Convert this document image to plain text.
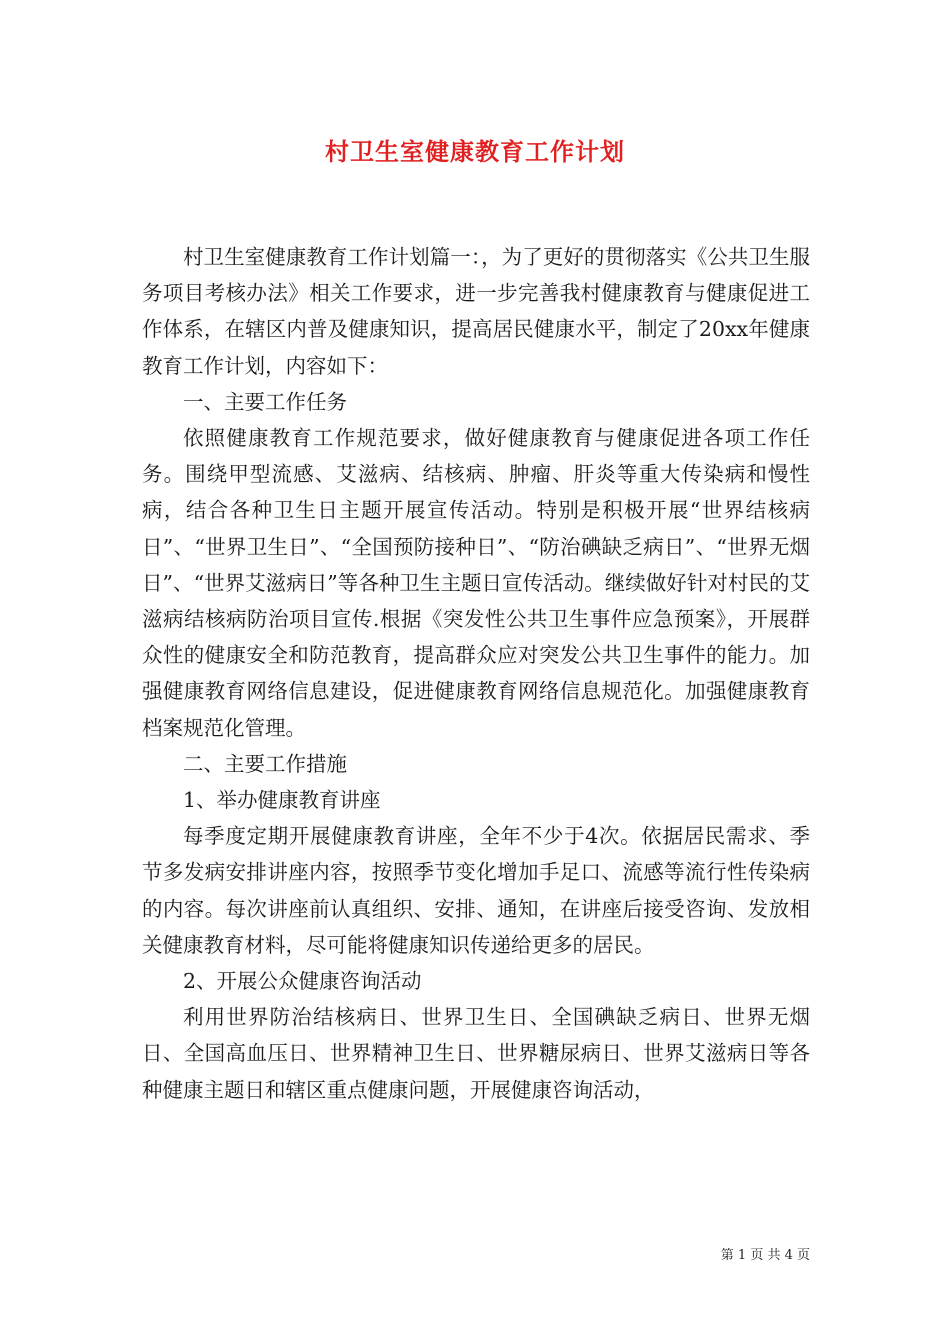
村卫生室健康教育工作计划

村卫生室健康教育工作计划篇一：，为了更好的贯彻落实《公共卫生服务项目考核办法》相关工作要求，进一步完善我村健康教育与健康促进工作体系，在辖区内普及健康知识，提高居民健康水平，制定了20xx年健康教育工作计划，内容如下：

一、主要工作任务

依照健康教育工作规范要求，做好健康教育与健康促进各项工作任务。围绕甲型流感、艾滋病、结核病、肿瘤、肝炎等重大传染病和慢性病，结合各种卫生日主题开展宣传活动。特别是积极开展“世界结核病日”、“世界卫生日”、“全国预防接种日”、“防治碘缺乏病日”、“世界无烟日”、“世界艾滋病日”等各种卫生主题日宣传活动。继续做好针对村民的艾滋病结核病防治项目宣传.根据《突发性公共卫生事件应急预案》，开展群众性的健康安全和防范教育，提高群众应对突发公共卫生事件的能力。加强健康教育网络信息建设，促进健康教育网络信息规范化。加强健康教育档案规范化管理。

二、主要工作措施

1、举办健康教育讲座

每季度定期开展健康教育讲座，全年不少于4次。依据居民需求、季节多发病安排讲座内容，按照季节变化增加手足口、流感等流行性传染病的内容。每次讲座前认真组织、安排、通知，在讲座后接受咨询、发放相关健康教育材料，尽可能将健康知识传递给更多的居民。

2、开展公众健康咨询活动

利用世界防治结核病日、世界卫生日、全国碘缺乏病日、世界无烟日、全国高血压日、世界精神卫生日、世界糖尿病日、世界艾滋病日等各种健康主题日和辖区重点健康问题，开展健康咨询活动，

第 1 页 共 4 页
